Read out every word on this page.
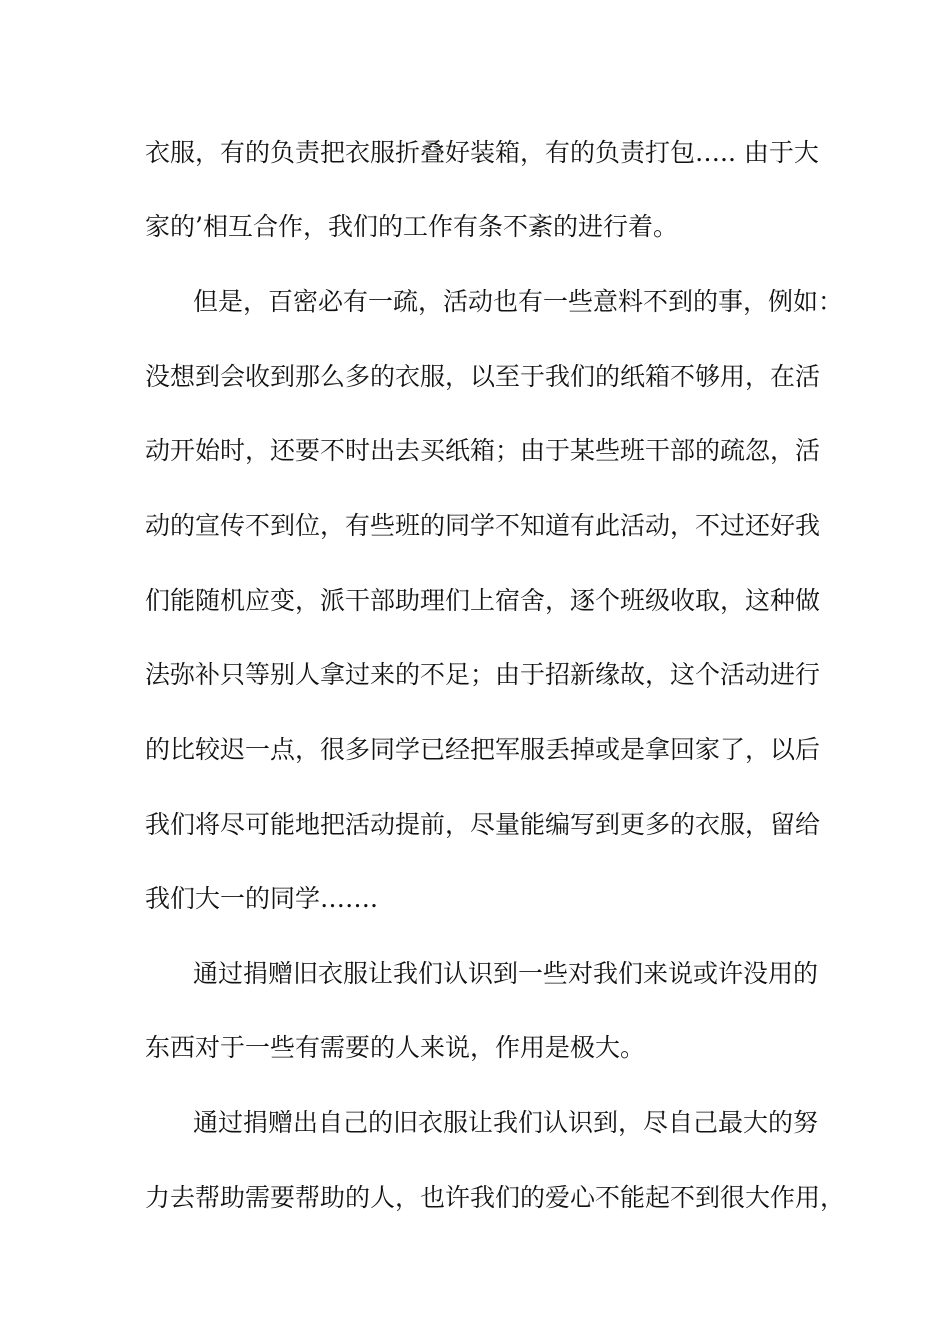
衣服，有的负责把衣服折叠好装箱，有的负责打包….. 由于大
家的’相互合作，我们的工作有条不紊的进行着。
但是，百密必有一疏，活动也有一些意料不到的事，例如：
没想到会收到那么多的衣服，以至于我们的纸箱不够用，在活
动开始时，还要不时出去买纸箱；由于某些班干部的疏忽，活
动的宣传不到位，有些班的同学不知道有此活动，不过还好我
们能随机应变，派干部助理们上宿舍，逐个班级收取，这种做
法弥补只等别人拿过来的不足；由于招新缘故，这个活动进行
的比较迟一点，很多同学已经把军服丢掉或是拿回家了，以后
我们将尽可能地把活动提前，尽量能编写到更多的衣服，留给
我们大一的同学…….
通过捐赠旧衣服让我们认识到一些对我们来说或许没用的
东西对于一些有需要的人来说，作用是极大。
通过捐赠出自己的旧衣服让我们认识到，尽自己最大的努
力去帮助需要帮助的人，也许我们的爱心不能起不到很大作用，
